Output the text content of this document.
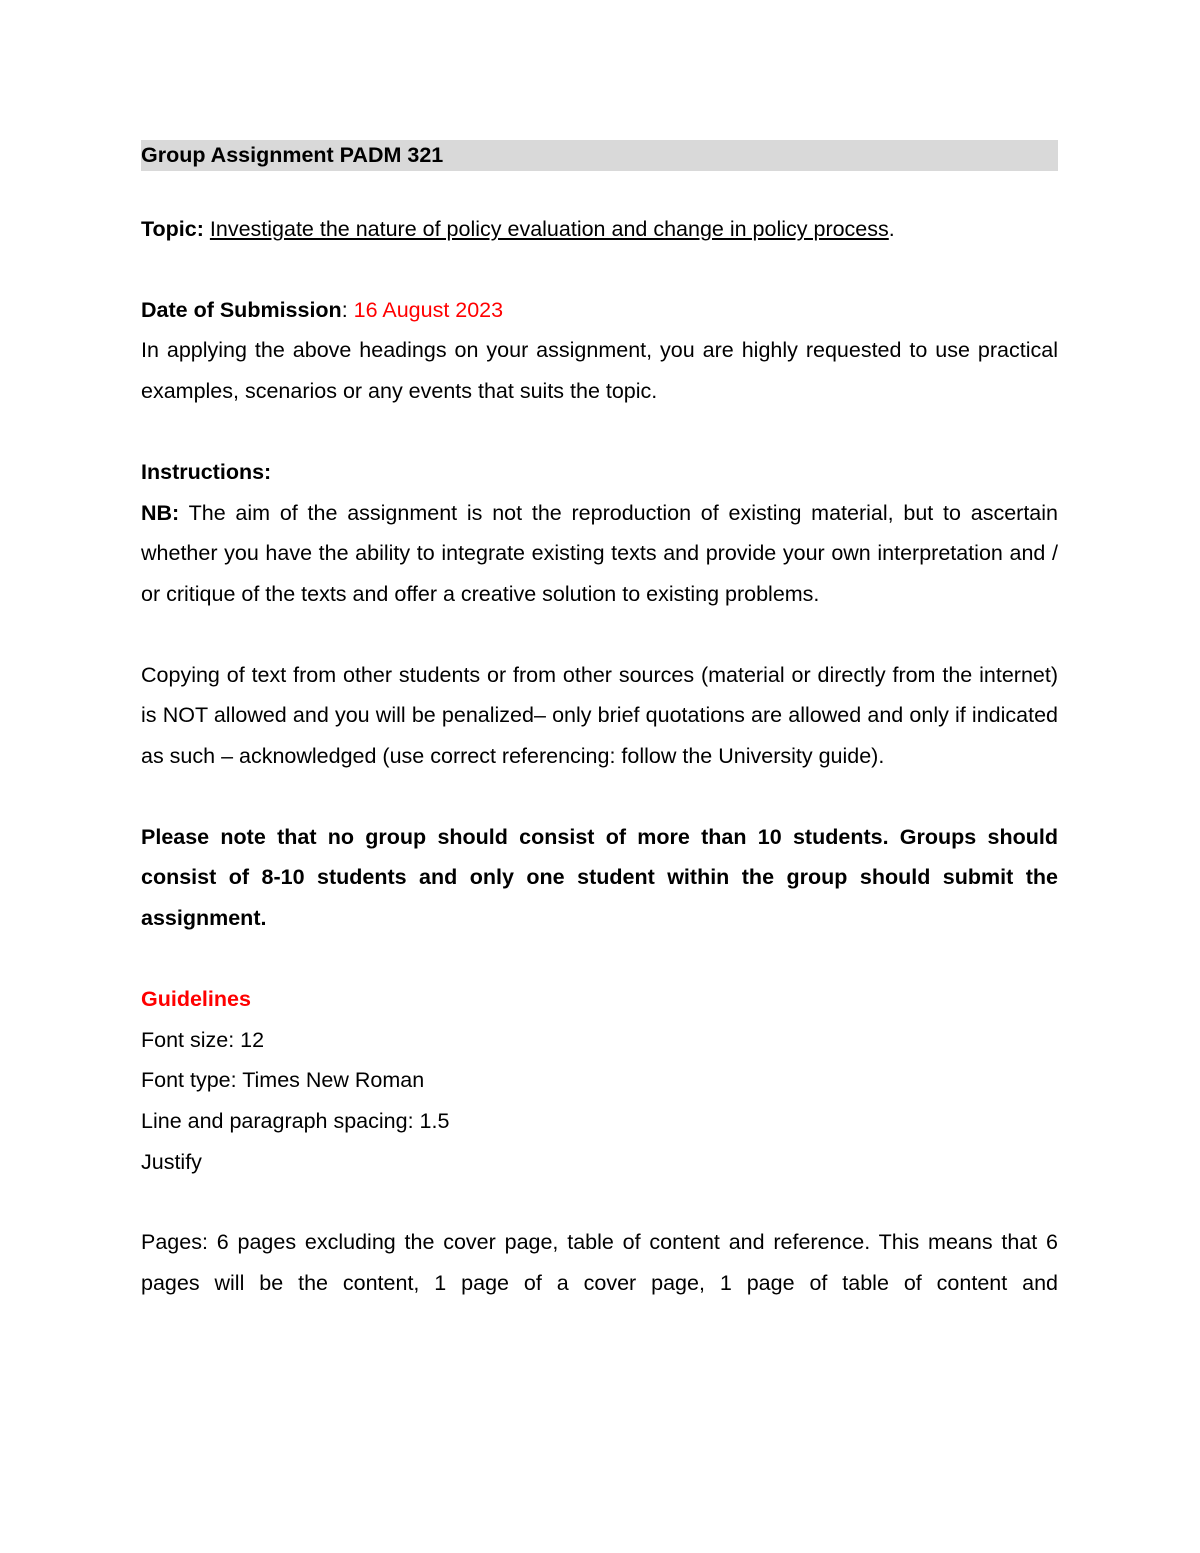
Group Assignment PADM 321

Topic: Investigate the nature of policy evaluation and change in policy process.

Date of Submission: 16 August 2023

In applying the above headings on your assignment, you are highly requested to use practical examples, scenarios or any events that suits the topic.

Instructions:

NB: The aim of the assignment is not the reproduction of existing material, but to ascertain whether you have the ability to integrate existing texts and provide your own interpretation and / or critique of the texts and offer a creative solution to existing problems.

Copying of text from other students or from other sources (material or directly from the internet) is NOT allowed and you will be penalized– only brief quotations are allowed and only if indicated as such – acknowledged (use correct referencing: follow the University guide).

Please note that no group should consist of more than 10 students. Groups should consist of 8-10 students and only one student within the group should submit the assignment.

Guidelines

Font size: 12

Font type: Times New Roman

Line and paragraph spacing: 1.5

Justify

Pages: 6 pages excluding the cover page, table of content and reference. This means that 6 pages will be the content, 1 page of a cover page, 1 page of table of content and
